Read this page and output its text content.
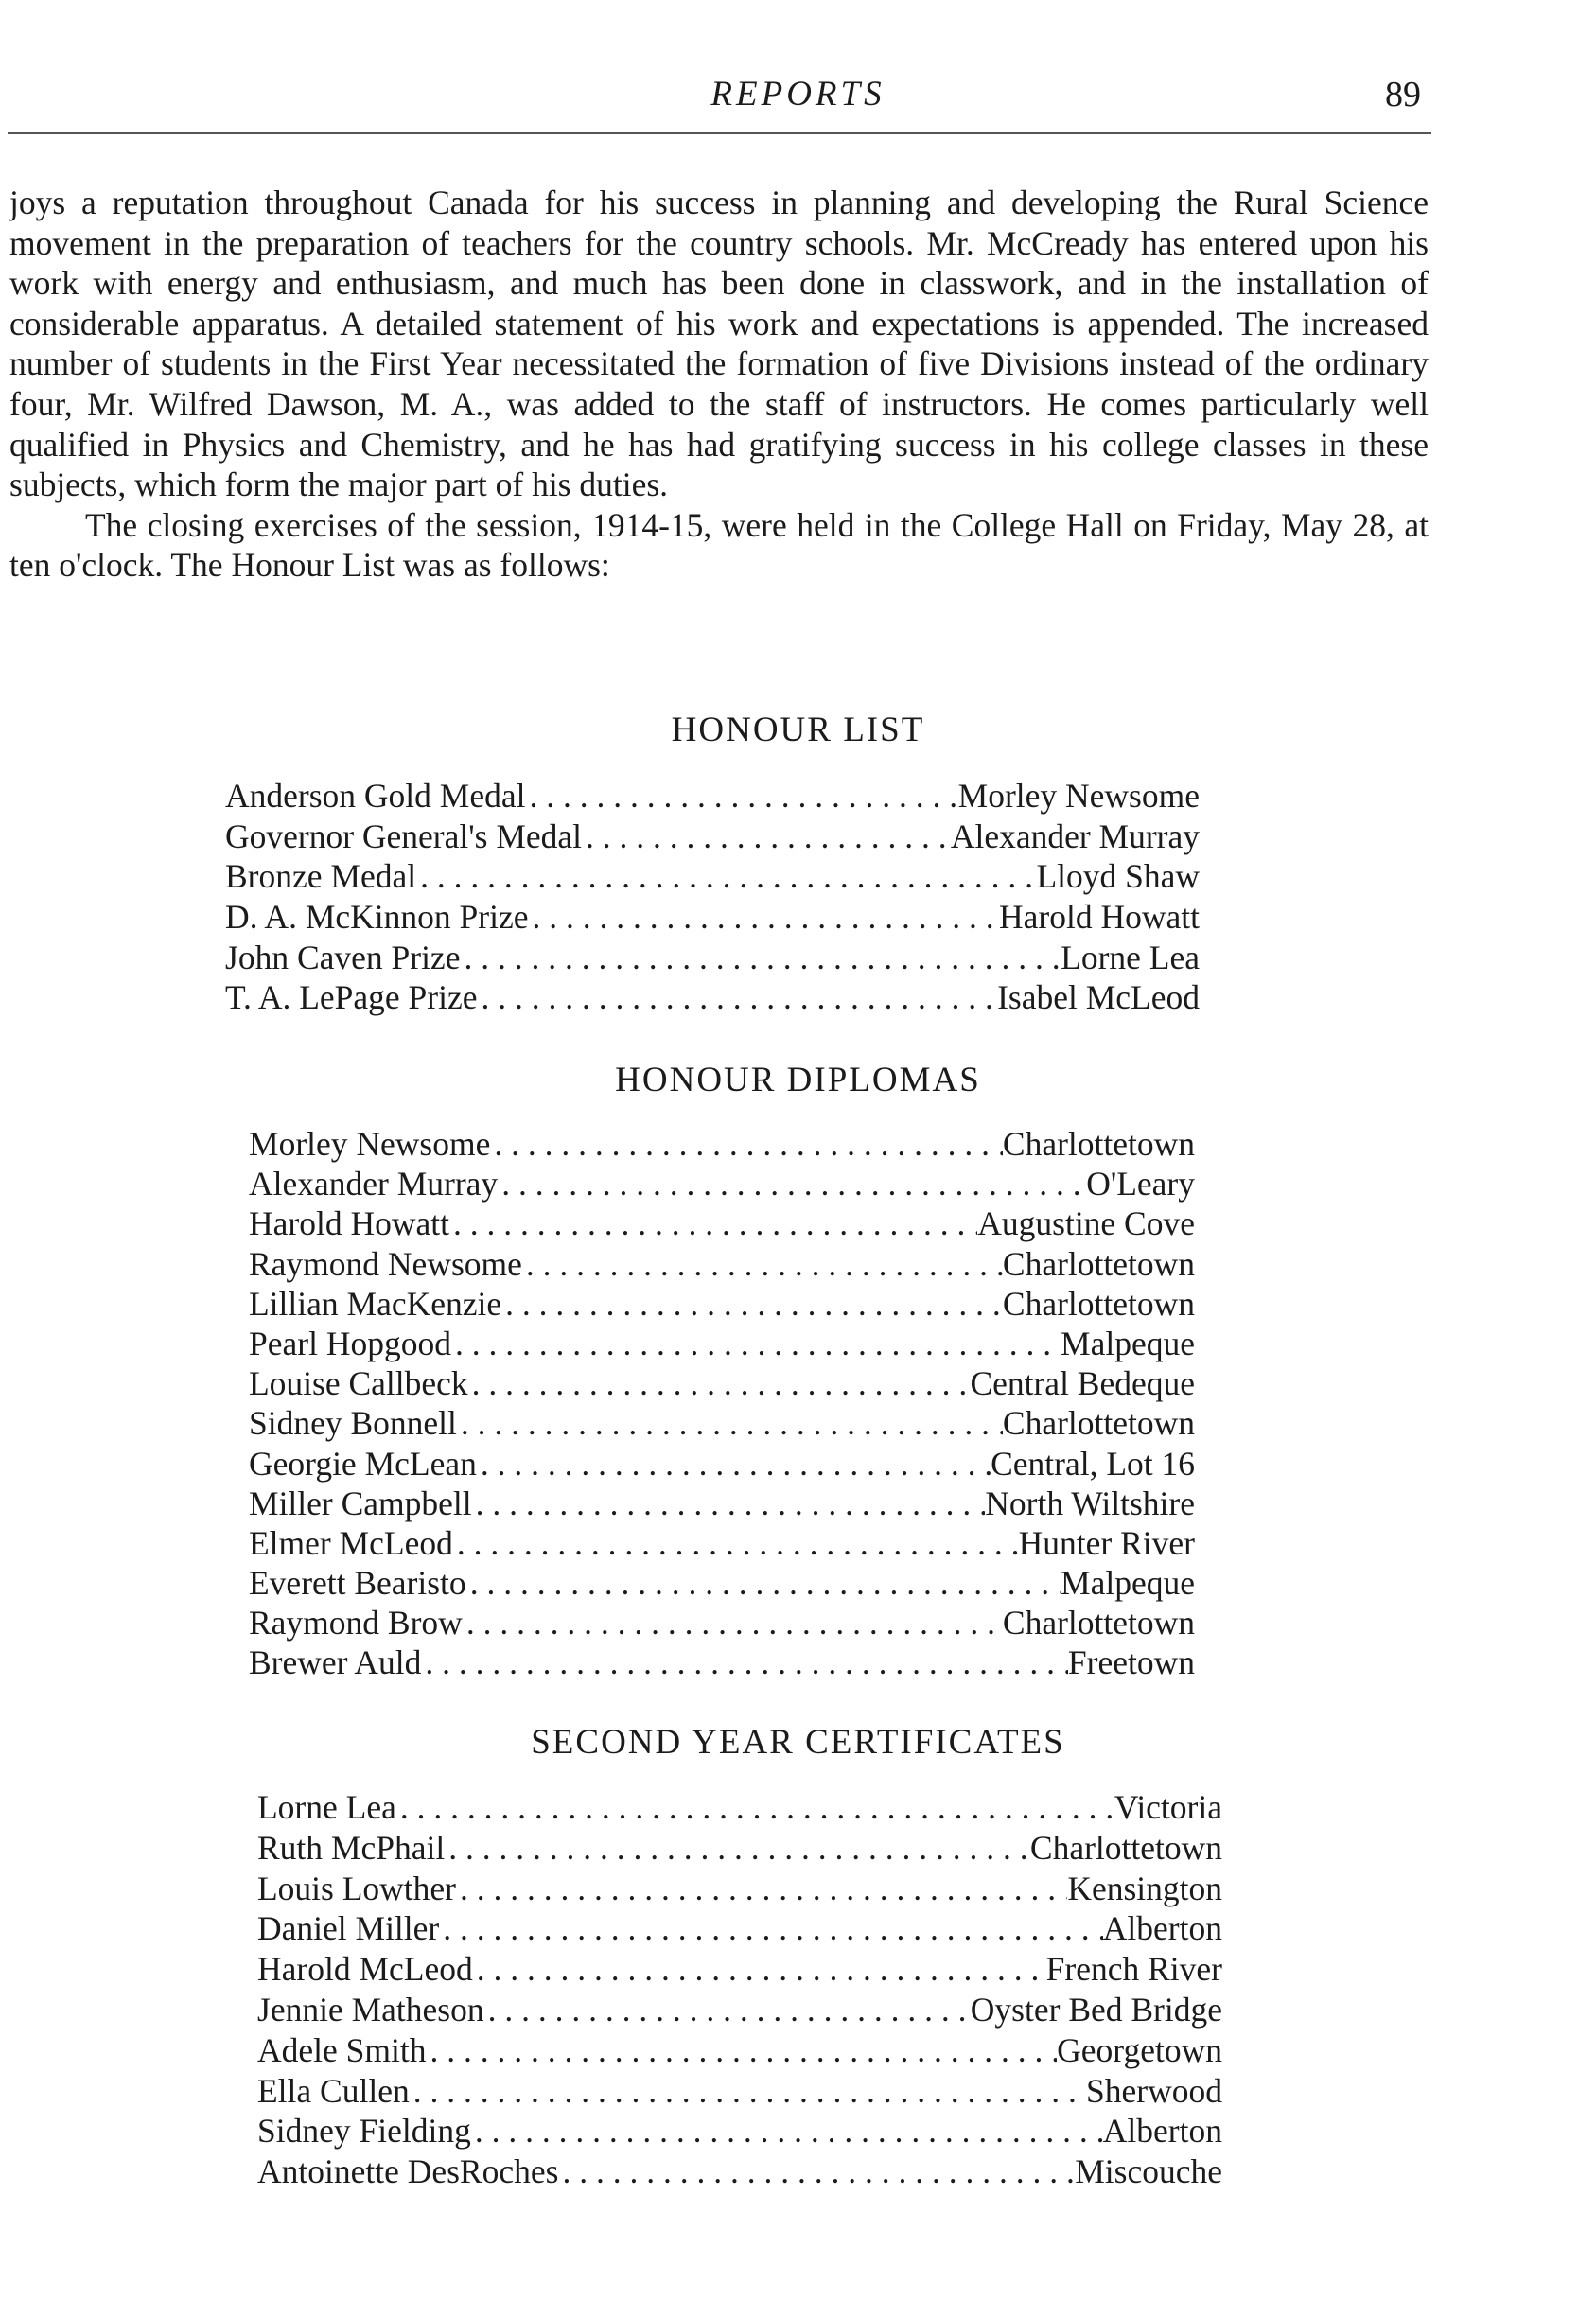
REPORTS	89

joys a reputation throughout Canada for his success in planning and developing the Rural Science movement in the preparation of teachers for the country schools. Mr. McCready has entered upon his work with energy and enthusiasm, and much has been done in classwork, and in the installation of considerable apparatus. A detailed statement of his work and expectations is appended. The increased number of students in the First Year necessitated the formation of five Divisions instead of the ordinary four, Mr. Wilfred Dawson, M. A., was added to the staff of instructors. He comes particularly well qualified in Physics and Chemistry, and he has had gratifying success in his college classes in these subjects, which form the major part of his duties.

The closing exercises of the session, 1914-15, were held in the College Hall on Friday, May 28, at ten o'clock. The Honour List was as follows:

HONOUR LIST
Anderson Gold Medal . . .	Morley Newsome
Governor General's Medal . . .	Alexander Murray
Bronze Medal . . .	Lloyd Shaw
D. A. McKinnon Prize . . .	Harold Howatt
John Caven Prize . . .	Lorne Lea
T. A. LePage Prize . . .	Isabel McLeod
HONOUR DIPLOMAS
Morley Newsome . . .	Charlottetown
Alexander Murray . . .	O'Leary
Harold Howatt . . .	Augustine Cove
Raymond Newsome . . .	Charlottetown
Lillian MacKenzie . . .	Charlottetown
Pearl Hopgood . . .	Malpeque
Louise Callbeck . . .	Central Bedeque
Sidney Bonnell . . .	Charlottetown
Georgie McLean . . .	Central, Lot 16
Miller Campbell . . .	North Wiltshire
Elmer McLeod . . .	Hunter River
Everett Bearisto . . .	Malpeque
Raymond Brow . . .	Charlottetown
Brewer Auld . . .	Freetown
SECOND YEAR CERTIFICATES
Lorne Lea . . .	Victoria
Ruth McPhail . . .	Charlottetown
Louis Lowther . . .	Kensington
Daniel Miller . . .	Alberton
Harold McLeod . . .	French River
Jennie Matheson . . .	Oyster Bed Bridge
Adele Smith . . .	Georgetown
Ella Cullen . . .	Sherwood
Sidney Fielding . . .	Alberton
Antoinette DesRoches . . .	Miscouche
